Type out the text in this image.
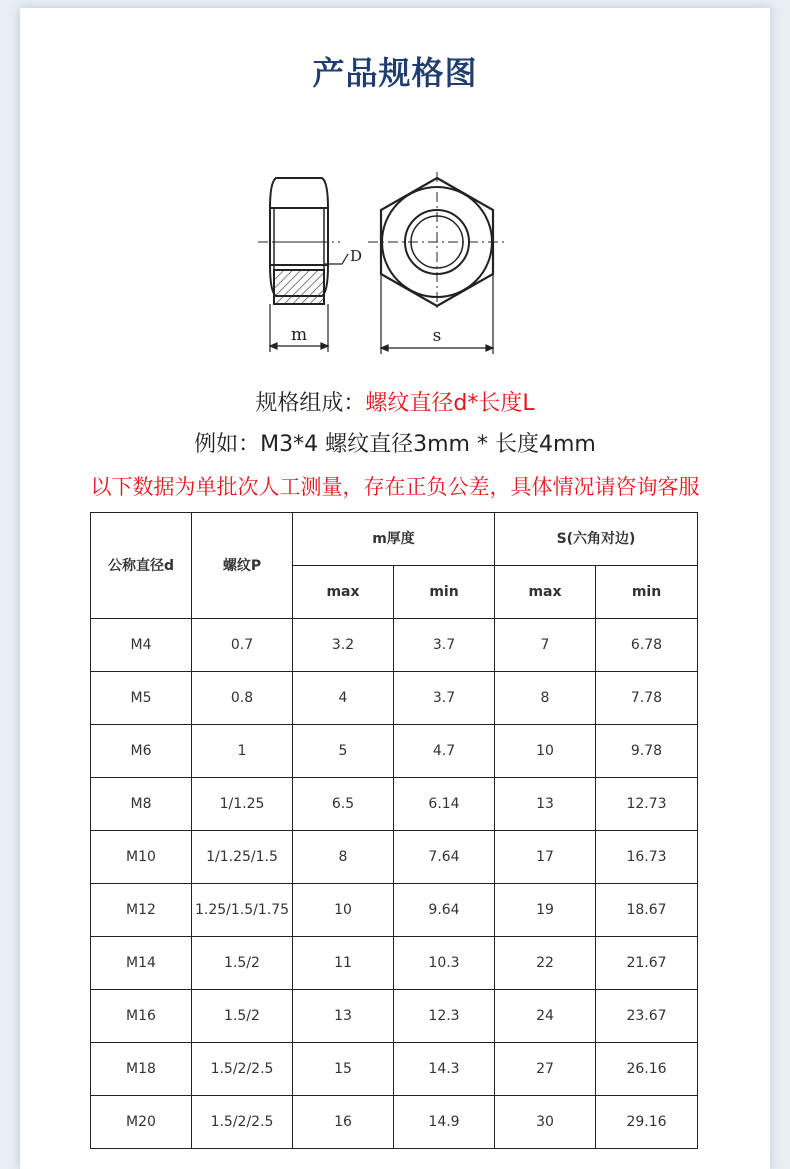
产品规格图
D
m	s
规格组成：螺纹直径d*长度L
例如：M3*4 螺纹直径3mm * 长度4mm
以下数据为单批次人工测量，存在正负公差，具体情况请咨询客服
公称直径d	螺纹P	m厚度		S(六角对边)	
		max	min	max	min
M4	0.7	3.2	3.7	7	6.78
M5	0.8	4	3.7	8	7.78
M6	1	5	4.7	10	9.78
M8	1/1.25	6.5	6.14	13	12.73
M10	1/1.25/1.5	8	7.64	17	16.73
M12	1.25/1.5/1.75	10	9.64	19	18.67
M14	1.5/2	11	10.3	22	21.67
M16	1.5/2	13	12.3	24	23.67
M18	1.5/2/2.5	15	14.3	27	26.16
M20	1.5/2/2.5	16	14.9	30	29.16
